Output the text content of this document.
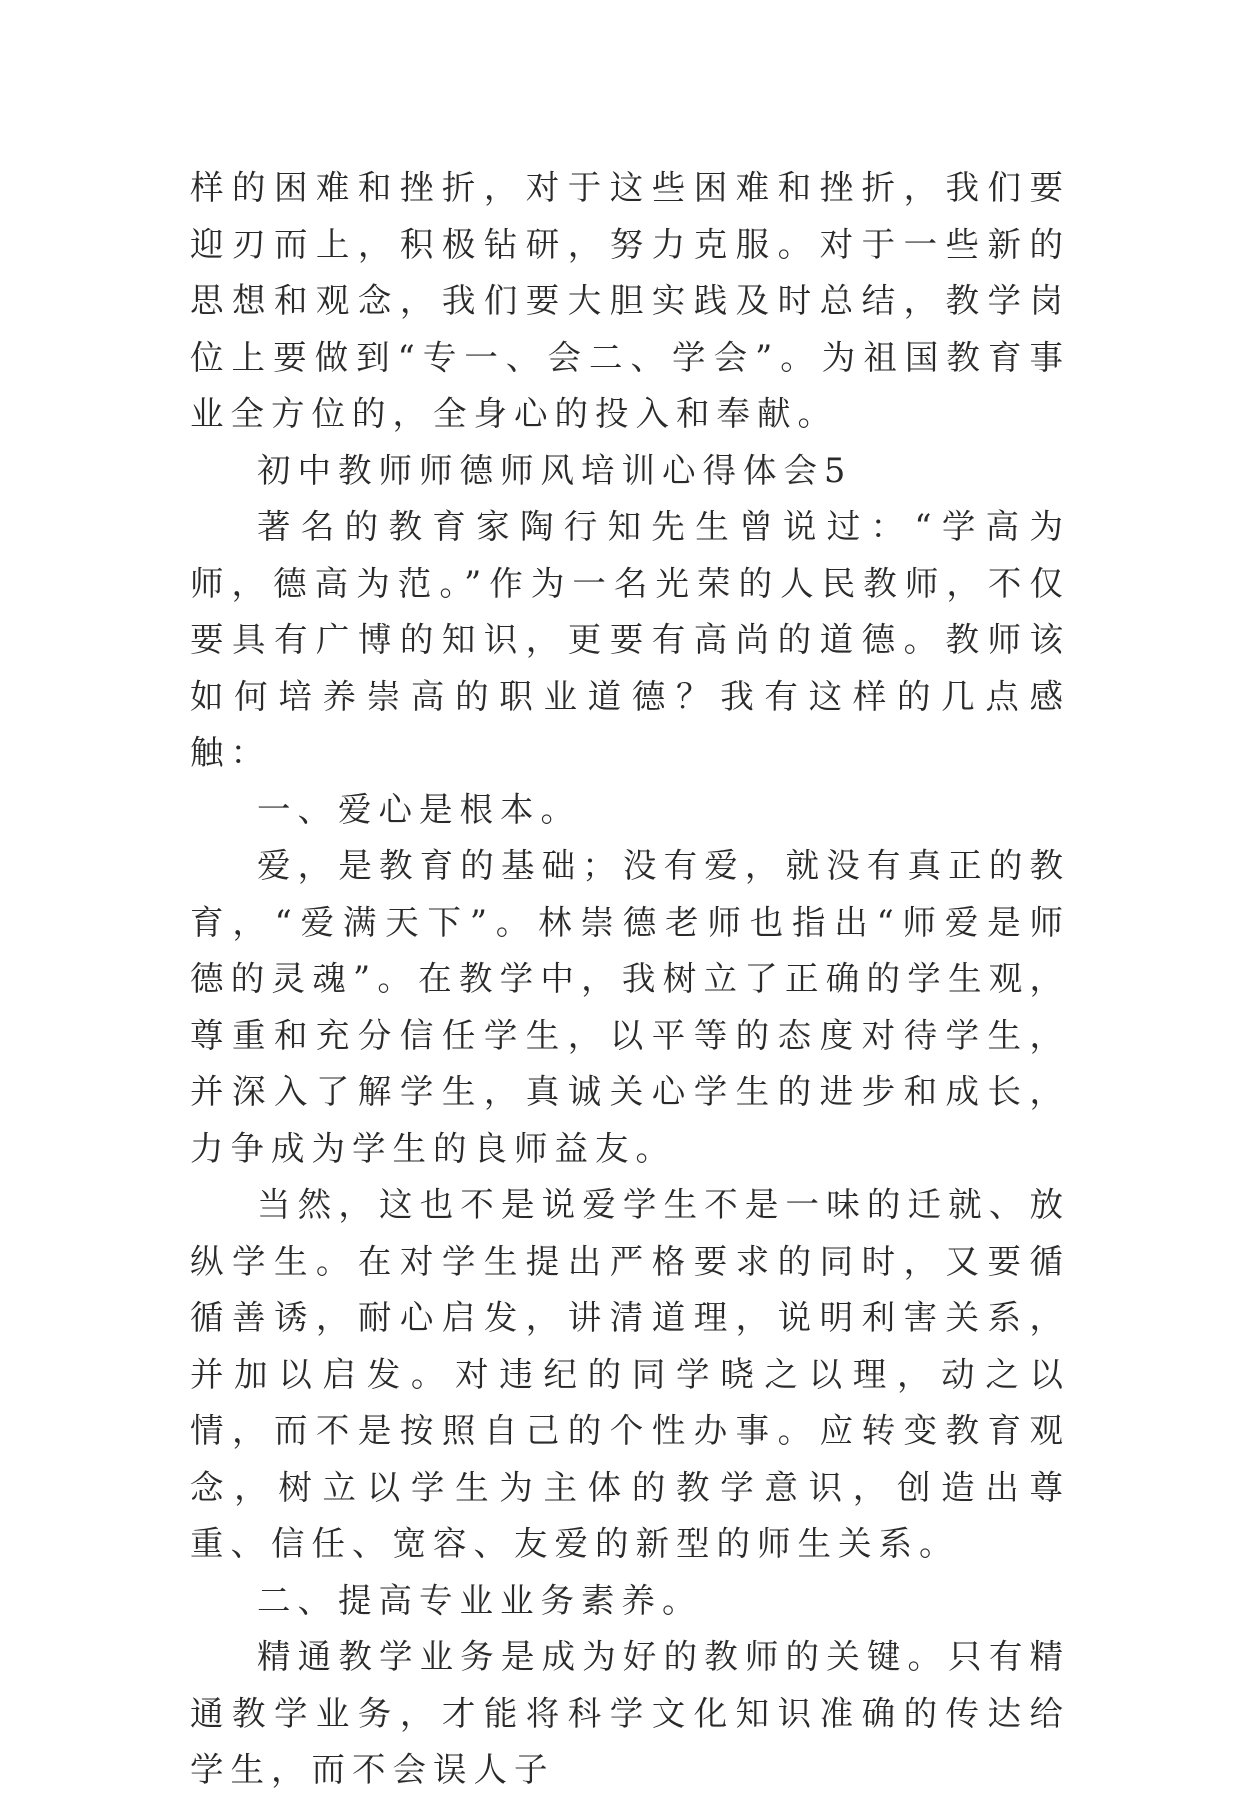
样的困难和挫折，对于这些困难和挫折，我们要迎刃而上，积极钻研，努力克服。对于一些新的思想和观念，我们要大胆实践及时总结，教学岗位上要做到“专一、会二、学会”。为祖国教育事业全方位的，全身心的投入和奉献。

初中教师师德师风培训心得体会5

著名的教育家陶行知先生曾说过：“学高为师，德高为范。”作为一名光荣的人民教师，不仅要具有广博的知识，更要有高尚的道德。教师该如何培养崇高的职业道德？我有这样的几点感触：

一、爱心是根本。

爱，是教育的基础；没有爱，就没有真正的教育，“爱满天下”。林崇德老师也指出“师爱是师德的灵魂”。在教学中，我树立了正确的学生观，尊重和充分信任学生，以平等的态度对待学生，并深入了解学生，真诚关心学生的进步和成长，力争成为学生的良师益友。

当然，这也不是说爱学生不是一味的迁就、放纵学生。在对学生提出严格要求的同时，又要循循善诱，耐心启发，讲清道理，说明利害关系，并加以启发。对违纪的同学晓之以理，动之以情，而不是按照自己的个性办事。应转变教育观念，树立以学生为主体的教学意识，创造出尊重、信任、宽容、友爱的新型的师生关系。

二、提高专业业务素养。

精通教学业务是成为好的教师的关键。只有精通教学业务，才能将科学文化知识准确的传达给学生，而不会误人子
